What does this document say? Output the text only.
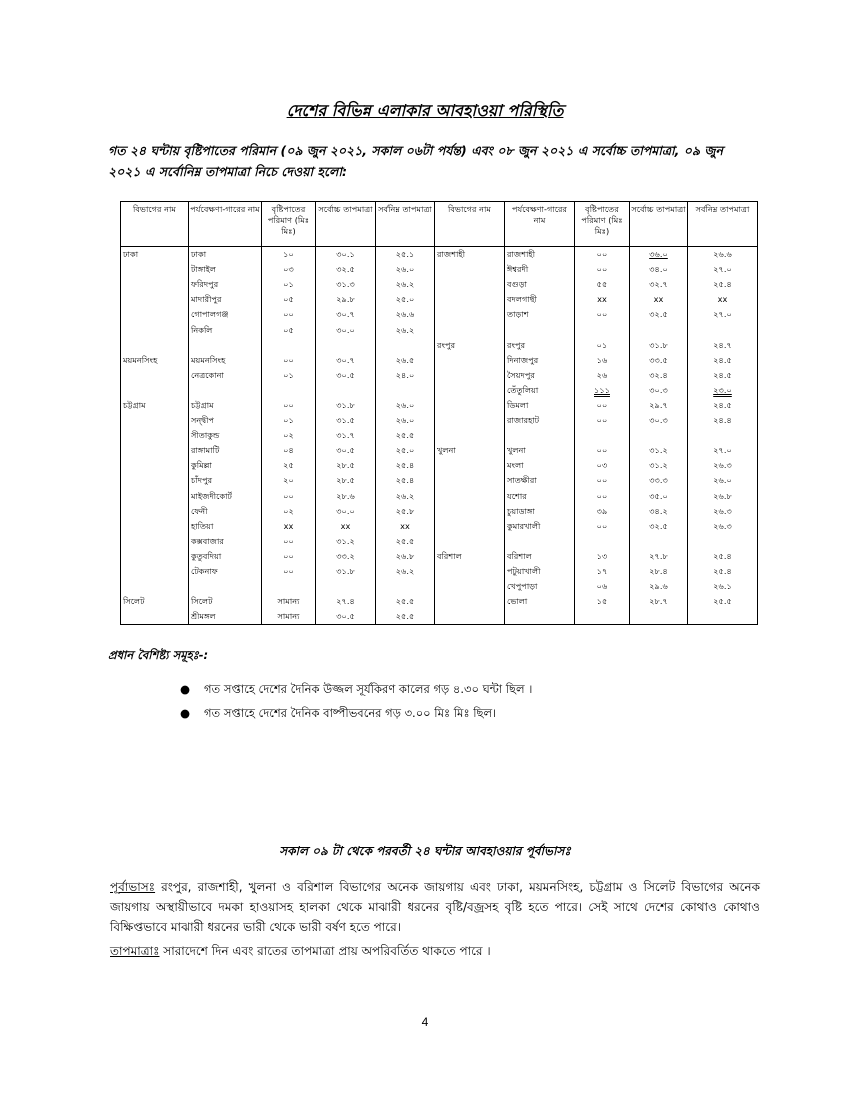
দেশের বিভিন্ন এলাকার আবহাওয়া পরিস্থিতি
গত ২৪ ঘন্টায় বৃষ্টিপাতের পরিমান (০৯ জুন ২০২১, সকাল ০৬টা পর্যন্ত) এবং ০৮ জুন ২০২১ এ সর্বোচ্চ তাপমাত্রা, ০৯ জুন ২০২১ এ সর্বোনিম্ন তাপমাত্রা নিচে দেওয়া হলো:
বিভাগের নাম	পর্যবেক্ষণা-গারের নাম	বৃষ্টিপাতের পরিমাণ (মিঃ মিঃ)	সর্বোচ্চ তাপমাত্রা	সর্বনিম্ন তাপমাত্রা	বিভাগের নাম	পর্যবেক্ষণা-গারের নাম	বৃষ্টিপাতের পরিমাণ (মিঃ মিঃ)	সর্বোচ্চ তাপমাত্রা	সর্বনিম্ন তাপমাত্রা
ঢাকা	ঢাকা	১০	৩০.১	২৫.১	রাজশাহী	রাজশাহী	০০	৩৬.০	২৬.৬
	টাঙ্গাইল	০৩	৩২.৫	২৬.০		ঈশ্বরদী	০০	৩৪.০	২৭.০
	ফরিদপুর	০১	৩১.৩	২৬.২		বগুড়া	৫৫	৩২.৭	২৫.৪
	মাদারীপুর	০৫	২৯.৮	২৫.০		বদলগাছী	xx	xx	xx
	গোপালগঞ্জ	০০	৩০.৭	২৬.৬		তাড়াশ	০০	৩২.৫	২৭.০
	নিকলি	০৫	৩০.০	২৬.২					
					রংপুর	রংপুর	০১	৩১.৮	২৪.৭
ময়মনসিংহ	ময়মনসিংহ	০০	৩০.৭	২৬.৫		দিনাজপুর	১৬	৩৩.৫	২৪.৫
	নেত্রকোনা	০১	৩০.৫	২৪.০		সৈয়দপুর	২৬	৩২.৪	২৪.৫
						তেঁতুলিয়া	১১১	৩০.৩	২৩.০
চট্টগ্রাম	চট্টগ্রাম	০০	৩১.৮	২৬.০		ডিমলা	০০	২৯.৭	২৪.৫
	সন্দ্বীপ	০১	৩১.৫	২৬.০		রাজারহাট	০০	৩০.৩	২৪.৪
	সীতাকুন্ড	০২	৩১.৭	২৫.৫					
	রাঙ্গামাটি	০৪	৩০.৫	২৫.০	খুলনা	খুলনা	০০	৩১.২	২৭.০
	কুমিল্লা	২৫	২৮.৫	২৫.৪		মংলা	০৩	৩১.২	২৬.৩
	চাঁদপুর	২০	২৮.৫	২৫.৪		সাতক্ষীরা	০০	৩৩.৩	২৬.০
	মাইজদীকোর্ট	০০	২৮.৬	২৬.২		যশোর	০০	৩৫.০	২৬.৮
	ফেনী	০২	৩০.০	২৫.৮		চুয়াডাঙ্গা	৩৯	৩৪.২	২৬.৩
	হাতিয়া	xx	xx	xx		কুমারখালী	০০	৩২.৫	২৬.৩
	কক্সবাজার	০০	৩১.২	২৫.৫					
	কুতুবদিয়া	০০	৩৩.২	২৬.৮	বরিশাল	বরিশাল	১৩	২৭.৮	২৫.৪
	টেকনাফ	০০	৩১.৮	২৬.২		পটুয়াখালী	১৭	২৮.৪	২৫.৪
						খেপুপাড়া	০৬	২৯.৬	২৬.১
সিলেট	সিলেট	সামান্য	২৭.৪	২৫.৫		ভোলা	১৫	২৮.৭	২৫.৫
	শ্রীমঙ্গল	সামান্য	৩০.৫	২৫.৫					
প্রধান বৈশিষ্ট্য সমূহঃ-:
● গত সপ্তাহে দেশের দৈনিক উজ্জল সূর্যকিরণ কালের গড় ৪.৩০ ঘন্টা ছিল ।
● গত সপ্তাহে দেশের দৈনিক বাষ্পীভবনের গড় ৩.০০ মিঃ মিঃ ছিল।
সকাল ০৯ টা থেকে পরবর্তী ২৪ ঘন্টার আবহাওয়ার পূর্বাভাসঃ

পূর্বাভাসঃ রংপুর, রাজশাহী, খুলনা ও বরিশাল বিভাগের অনেক জায়গায় এবং ঢাকা, ময়মনসিংহ, চট্টগ্রাম ও সিলেট বিভাগের অনেক জায়গায় অস্থায়ীভাবে দমকা হাওয়াসহ হালকা থেকে মাঝারী ধরনের বৃষ্টি/বজ্রসহ বৃষ্টি হতে পারে। সেই সাথে দেশের কোথাও কোথাও বিক্ষিপ্তভাবে মাঝারী ধরনের ভারী থেকে ভারী বর্ষণ হতে পারে।

তাপমাত্রাঃ সারাদেশে দিন এবং রাতের তাপমাত্রা প্রায় অপরিবর্তিত থাকতে পারে ।

4
